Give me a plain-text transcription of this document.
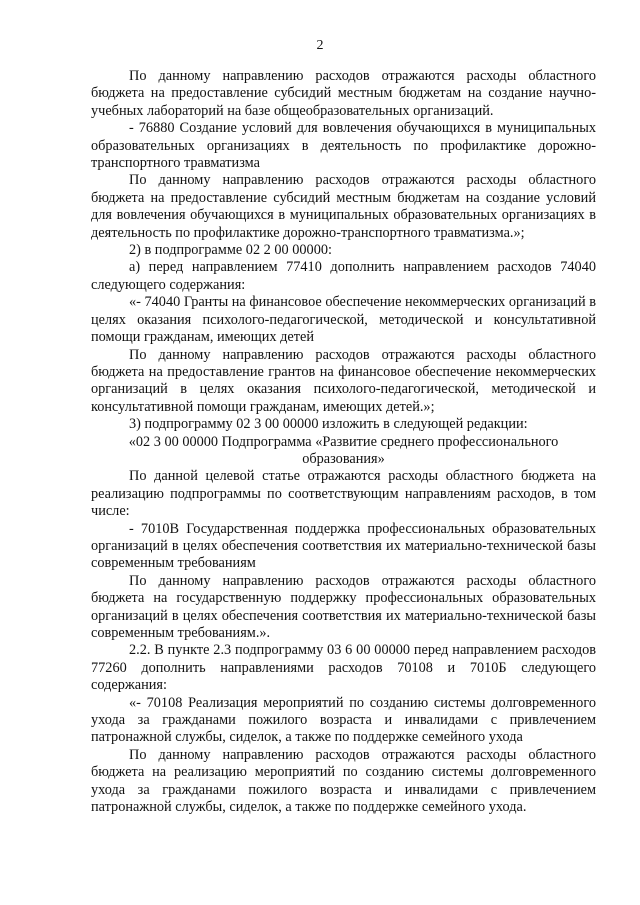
2

По данному направлению расходов отражаются расходы областного бюджета на предоставление субсидий местным бюджетам на создание научно-учебных лабораторий на базе общеобразовательных организаций.

- 76880 Создание условий для вовлечения обучающихся в муниципальных образовательных организациях в деятельность по профилактике дорожно-транспортного травматизма

По данному направлению расходов отражаются расходы областного бюджета на предоставление субсидий местным бюджетам на создание условий для вовлечения обучающихся в муниципальных образовательных организациях в деятельность по профилактике дорожно-транспортного травматизма.»;

2) в подпрограмме 02 2 00 00000:

а) перед направлением 77410 дополнить направлением расходов 74040 следующего содержания:

«- 74040 Гранты на финансовое обеспечение некоммерческих организаций в целях оказания психолого-педагогической, методической и консультативной помощи гражданам, имеющих детей

По данному направлению расходов отражаются расходы областного бюджета на предоставление грантов на финансовое обеспечение некоммерческих организаций в целях оказания психолого-педагогической, методической и консультативной помощи гражданам, имеющих детей.»;

3) подпрограмму 02 3 00 00000 изложить в следующей редакции:

«02 3 00 00000 Подпрограмма «Развитие среднего профессионального образования»

По данной целевой статье отражаются расходы областного бюджета на реализацию подпрограммы по соответствующим направлениям расходов, в том числе:

- 7010В Государственная поддержка профессиональных образовательных организаций в целях обеспечения соответствия их материально-технической базы современным требованиям

По данному направлению расходов отражаются расходы областного бюджета на государственную поддержку профессиональных образовательных организаций в целях обеспечения соответствия их материально-технической базы современным требованиям.».

2.2. В пункте 2.3 подпрограмму 03 6 00 00000 перед направлением расходов 77260 дополнить направлениями расходов 70108 и 7010Б следующего содержания:

«- 70108 Реализация мероприятий по созданию системы долговременного ухода за гражданами пожилого возраста и инвалидами с привлечением патронажной службы, сиделок, а также по поддержке семейного ухода

По данному направлению расходов отражаются расходы областного бюджета на реализацию мероприятий по созданию системы долговременного ухода за гражданами пожилого возраста и инвалидами с привлечением патронажной службы, сиделок, а также по поддержке семейного ухода.
